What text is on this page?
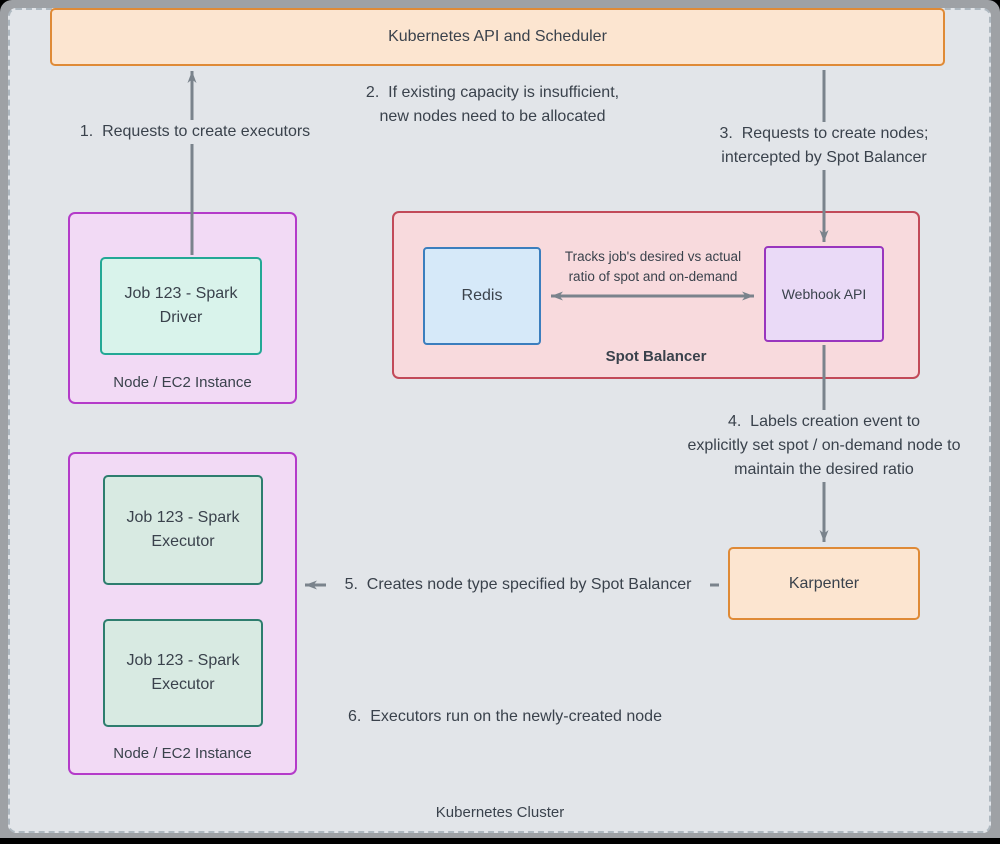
Kubernetes API and Scheduler
Node / EC2 Instance
Job 123 - Spark Driver
Spot Balancer
Redis	Webhook API
Karpenter
Node / EC2 Instance
Job 123 - Spark Executor
Job 123 - Spark Executor
1.  Requests to create executors
2.  If existing capacity is insufficient,
new nodes need to be allocated
3.  Requests to create nodes;
intercepted by Spot Balancer
4.  Labels creation event to
explicitly set spot / on-demand node to
maintain the desired ratio
5.  Creates node type specified by Spot Balancer
6.  Executors run on the newly-created node
Tracks job's desired vs actual
ratio of spot and on-demand
Kubernetes Cluster
